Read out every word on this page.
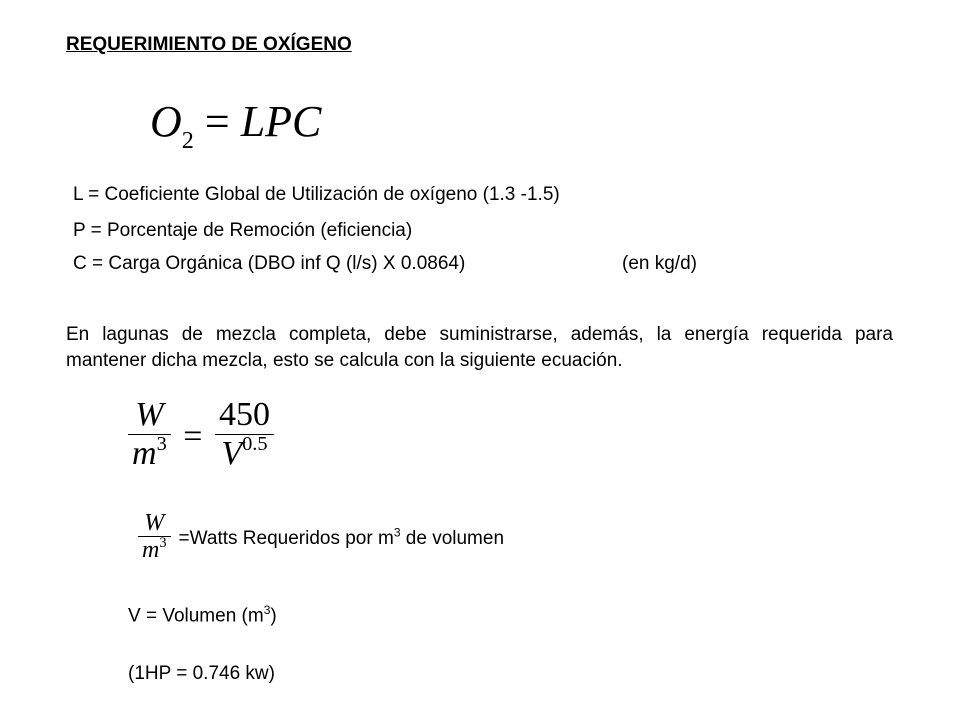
REQUERIMIENTO DE OXÍGENO
$O_2$ = LPC
L = Coeficiente Global de Utilización de oxígeno (1.3 -1.5)
P = Porcentaje de Remoción (eficiencia)
C = Carga Orgánica (DBO inf Q (l/s) X 0.0864)	(en kg/d)
En lagunas de mezcla completa, debe suministrarse, además, la energía requerida para mantener dicha mezcla, esto se calcula con la siguiente ecuación.
$\frac{W}{m^3} = \frac{450}{V^{0.5}}$
$\frac{W}{m^3}$ =Watts Requeridos por $m^3$ de volumen
V = Volumen $(m^3)$
(1HP = 0.746 kw)
